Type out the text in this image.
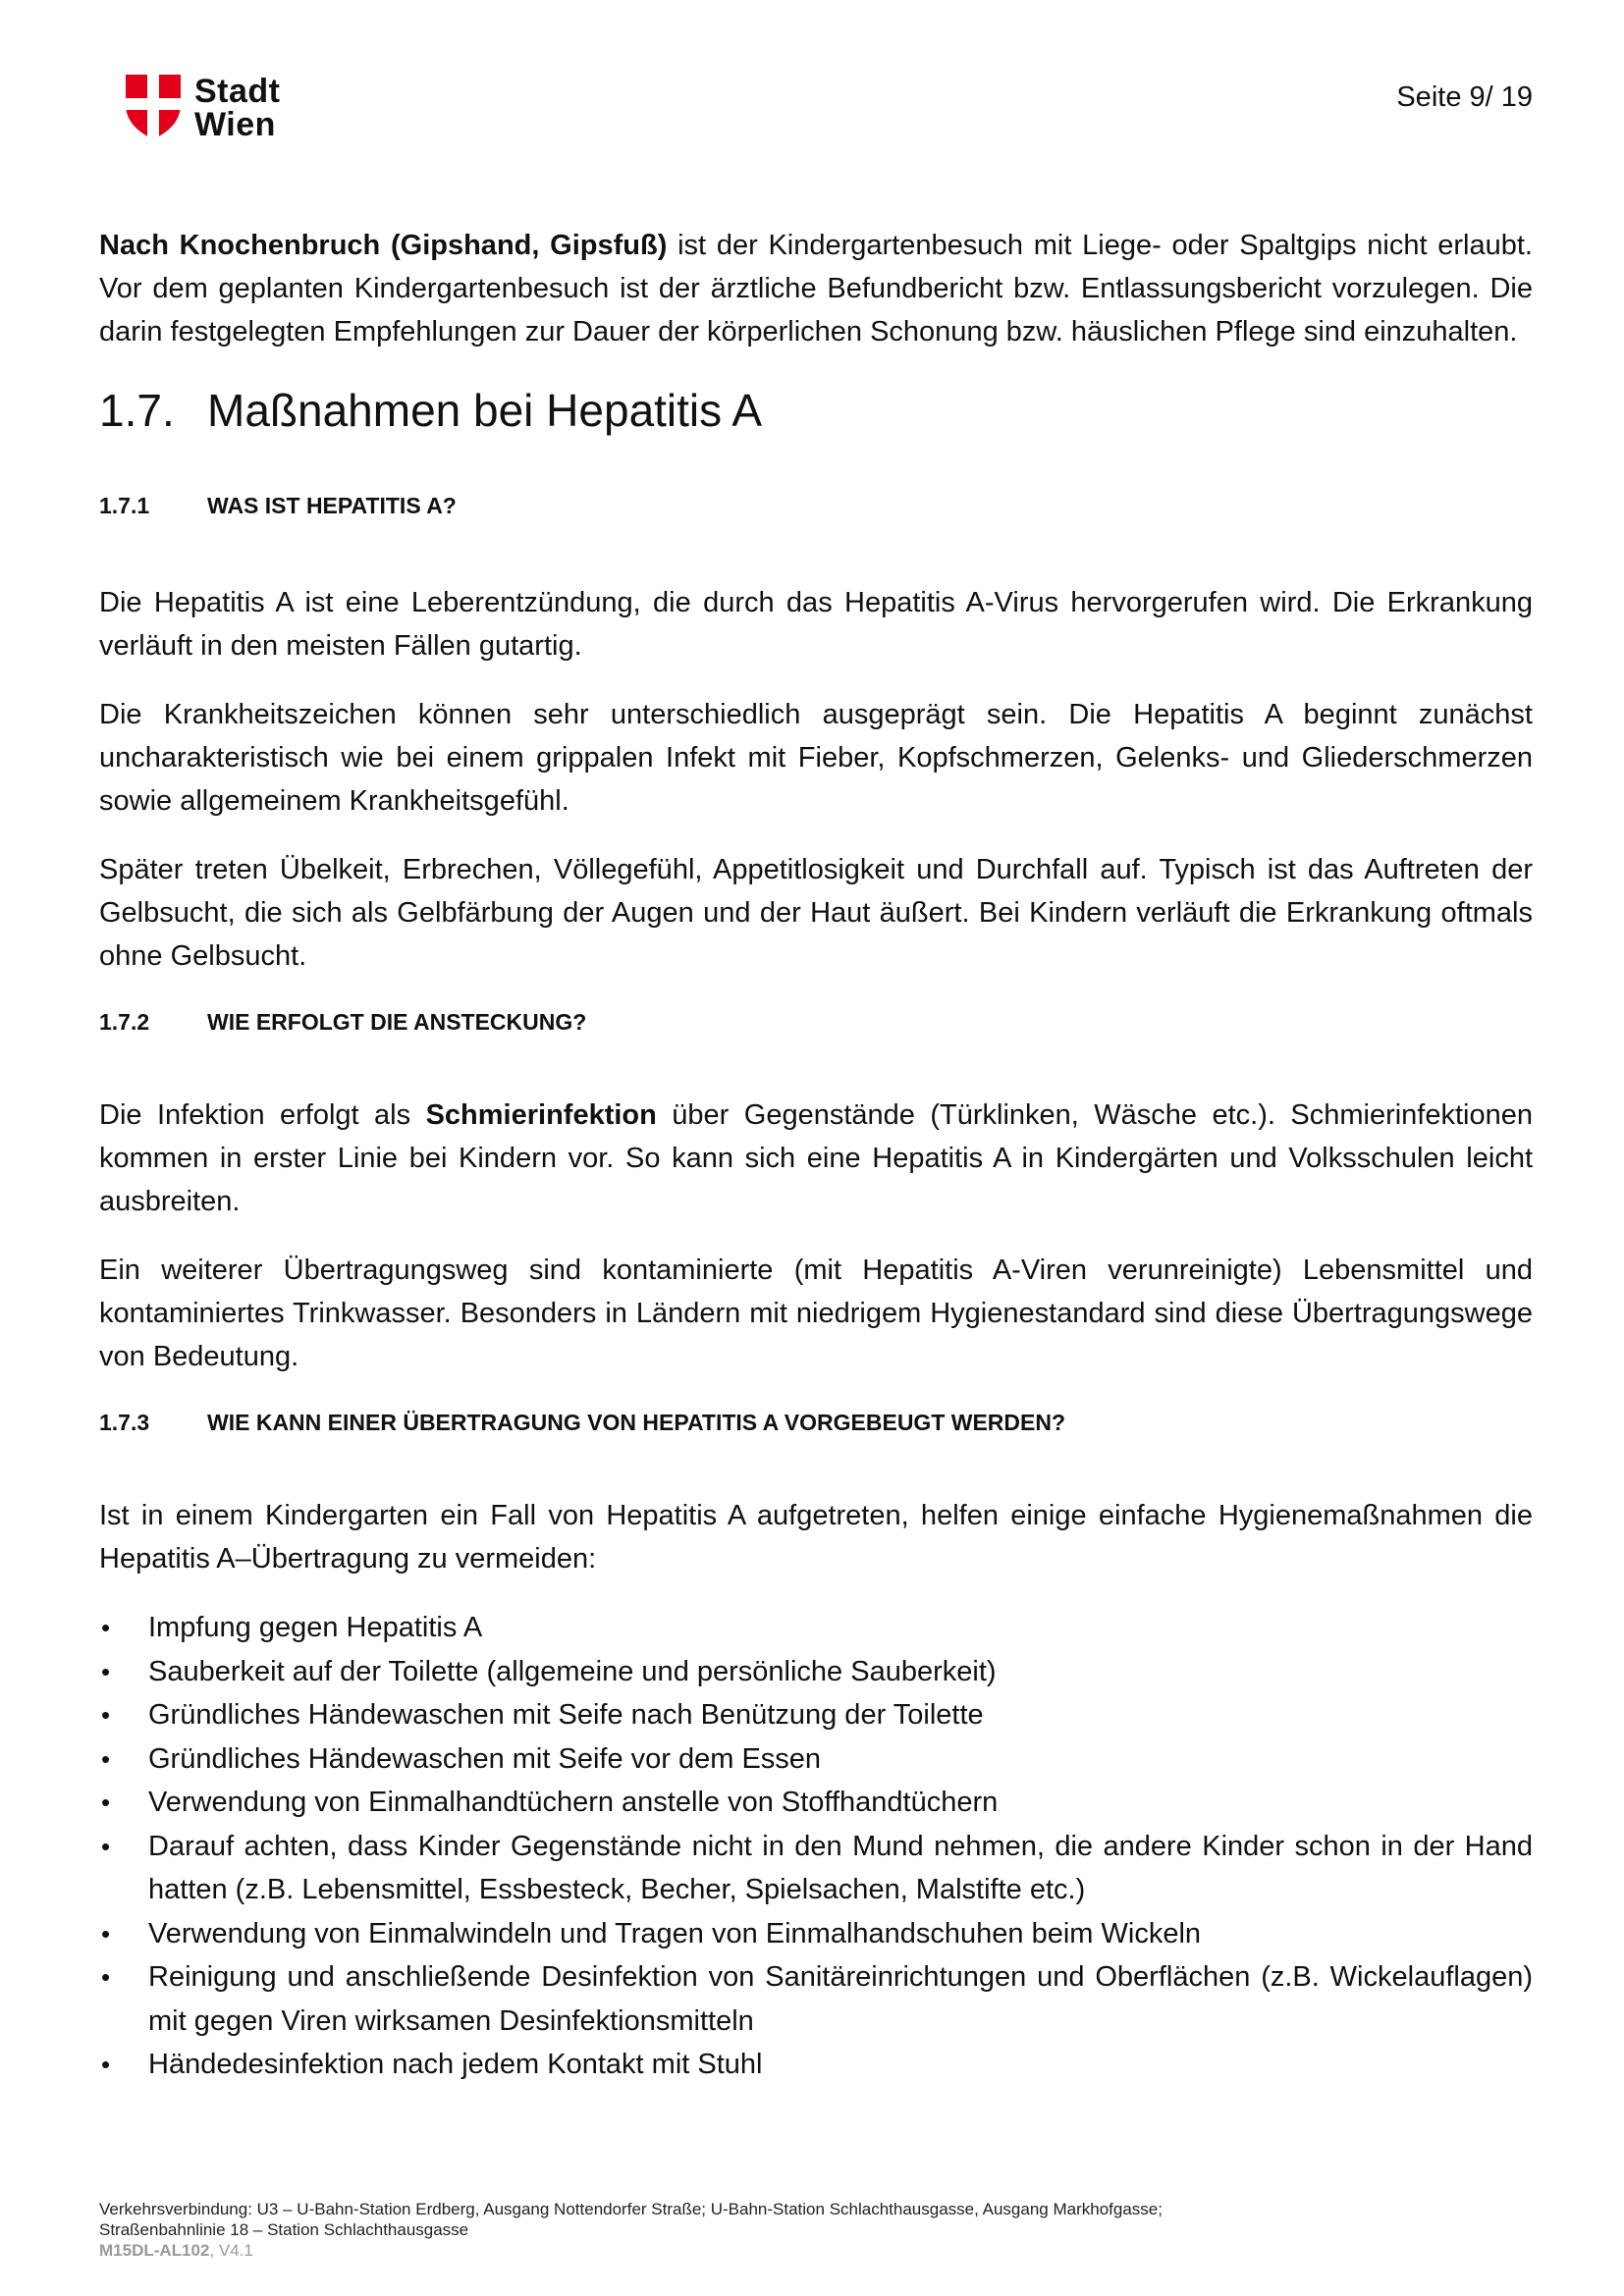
Stadt
Wien
Seite 9/ 19

Nach Knochenbruch (Gipshand, Gipsfuß) ist der Kindergartenbesuch mit Liege- oder Spaltgips nicht erlaubt. Vor dem geplanten Kindergartenbesuch ist der ärztliche Befundbericht bzw. Entlassungsbericht vorzulegen. Die darin festgelegten Empfehlungen zur Dauer der körperlichen Schonung bzw. häuslichen Pflege sind einzuhalten.

1.7. Maßnahmen bei Hepatitis A
1.7.1	WAS IST HEPATITIS A?

Die Hepatitis A ist eine Leberentzündung, die durch das Hepatitis A-Virus hervorgerufen wird. Die Erkrankung verläuft in den meisten Fällen gutartig.

Die Krankheitszeichen können sehr unterschiedlich ausgeprägt sein. Die Hepatitis A beginnt zunächst uncharakteristisch wie bei einem grippalen Infekt mit Fieber, Kopfschmerzen, Gelenks- und Gliederschmerzen sowie allgemeinem Krankheitsgefühl.

Später treten Übelkeit, Erbrechen, Völlegefühl, Appetitlosigkeit und Durchfall auf. Typisch ist das Auftreten der Gelbsucht, die sich als Gelbfärbung der Augen und der Haut äußert. Bei Kindern verläuft die Erkrankung oftmals ohne Gelbsucht.

1.7.2	WIE ERFOLGT DIE ANSTECKUNG?

Die Infektion erfolgt als Schmierinfektion über Gegenstände (Türklinken, Wäsche etc.). Schmierinfektionen kommen in erster Linie bei Kindern vor. So kann sich eine Hepatitis A in Kindergärten und Volksschulen leicht ausbreiten.

Ein weiterer Übertragungsweg sind kontaminierte (mit Hepatitis A-Viren verunreinigte) Lebensmittel und kontaminiertes Trinkwasser. Besonders in Ländern mit niedrigem Hygienestandard sind diese Übertragungswege von Bedeutung.

1.7.3	WIE KANN EINER ÜBERTRAGUNG VON HEPATITIS A VORGEBEUGT WERDEN?

Ist in einem Kindergarten ein Fall von Hepatitis A aufgetreten, helfen einige einfache Hygienemaßnahmen die Hepatitis A–Übertragung zu vermeiden:

• Impfung gegen Hepatitis A
• Sauberkeit auf der Toilette (allgemeine und persönliche Sauberkeit)
• Gründliches Händewaschen mit Seife nach Benützung der Toilette
• Gründliches Händewaschen mit Seife vor dem Essen
• Verwendung von Einmalhandtüchern anstelle von Stoffhandtüchern
• Darauf achten, dass Kinder Gegenstände nicht in den Mund nehmen, die andere Kinder schon in der Hand hatten (z.B. Lebensmittel, Essbesteck, Becher, Spielsachen, Malstifte etc.)
• Verwendung von Einmalwindeln und Tragen von Einmalhandschuhen beim Wickeln
• Reinigung und anschließende Desinfektion von Sanitäreinrichtungen und Oberflächen (z.B. Wickelauflagen) mit gegen Viren wirksamen Desinfektionsmitteln
• Händedesinfektion nach jedem Kontakt mit Stuhl
Verkehrsverbindung: U3 – U-Bahn-Station Erdberg, Ausgang Nottendorfer Straße; U-Bahn-Station Schlachthausgasse, Ausgang Markhofgasse;
Straßenbahnlinie 18 – Station Schlachthausgasse
M15DL-AL102, V4.1
